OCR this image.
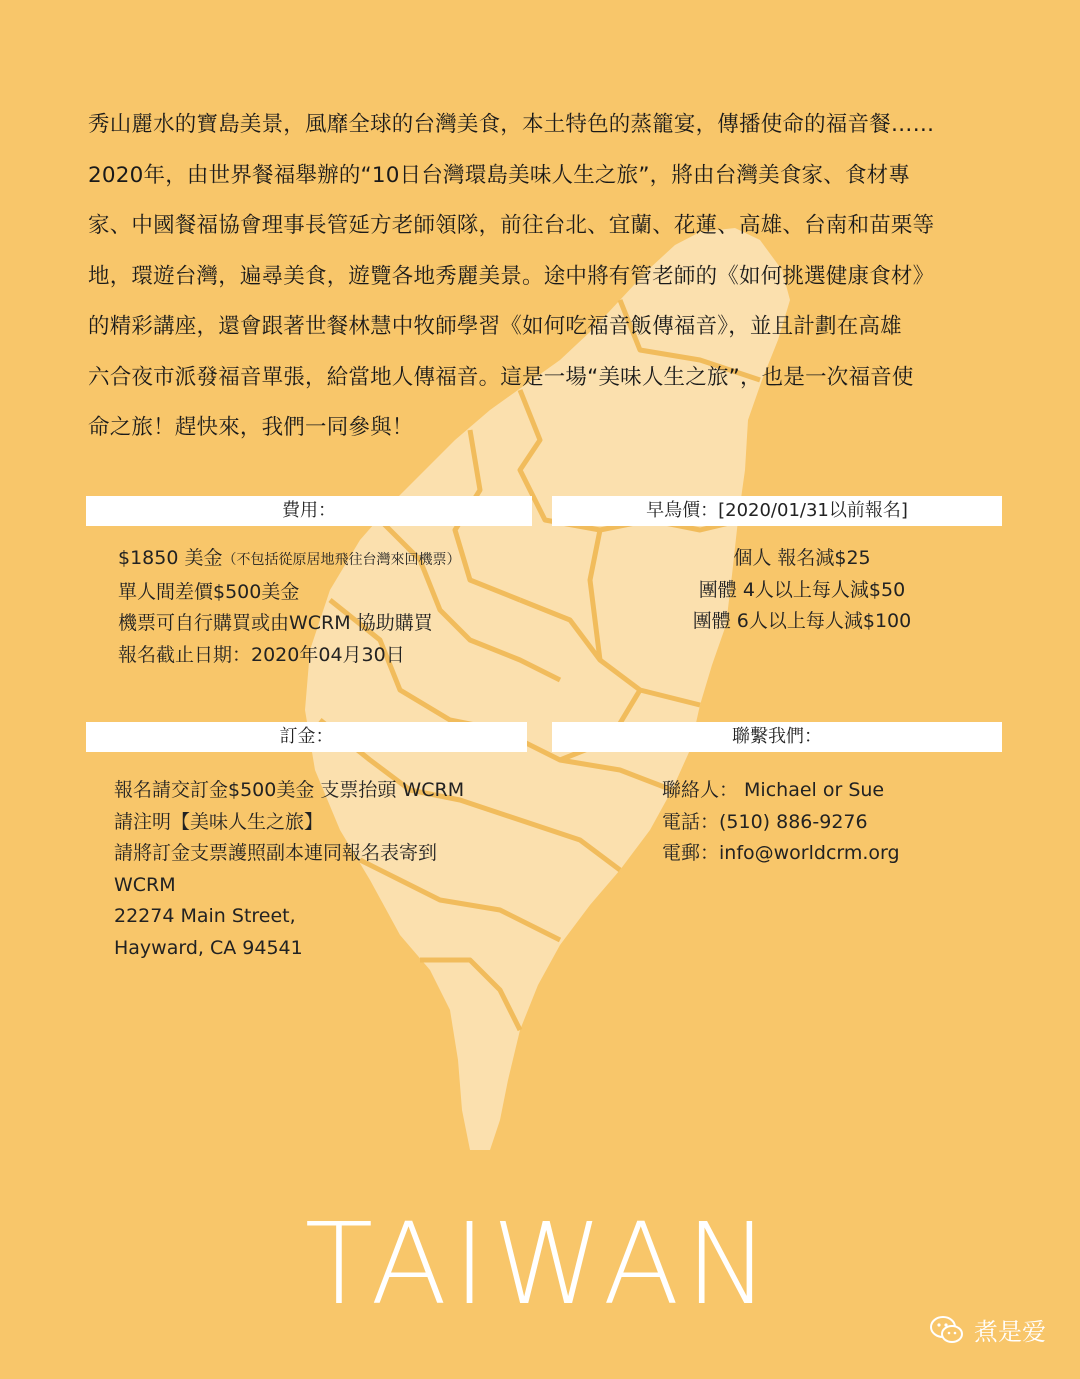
秀山麗水的寶島美景，風靡全球的台灣美食，本土特色的蒸籠宴，傳播使命的福音餐……

2020年，由世界餐福舉辦的“10日台灣環島美味人生之旅”，將由台灣美食家、食材專

家、中國餐福協會理事長管延方老師領隊，前往台北、宜蘭、花蓮、高雄、台南和苗栗等

地，環遊台灣，遍尋美食，遊覽各地秀麗美景。途中將有管老師的《如何挑選健康食材》

的精彩講座，還會跟著世餐林慧中牧師學習《如何吃福音飯傳福音》，並且計劃在高雄

六合夜市派發福音單張，給當地人傳福音。這是一場“美味人生之旅”，也是一次福音使

命之旅！趕快來，我們一同參與！

費用：	早鳥價：[2020/01/31以前報名]
$1850 美金（不包括從原居地飛往台灣來回機票）
單人間差價$500美金
機票可自行購買或由WCRM 協助購買
報名截止日期：2020年04月30日
個人 報名減$25
團體 4人以上每人減$50
團體 6人以上每人減$100
訂金：	聯繫我們：
報名請交訂金$500美金 支票抬頭 WCRM
請注明【美味人生之旅】
請將訂金支票護照副本連同報名表寄到
WCRM
22274 Main Street,
Hayward, CA 94541
聯絡人： Michael or Sue
電話：(510) 886-9276
電郵：info@worldcrm.org
TAIWAN
煮是爱
